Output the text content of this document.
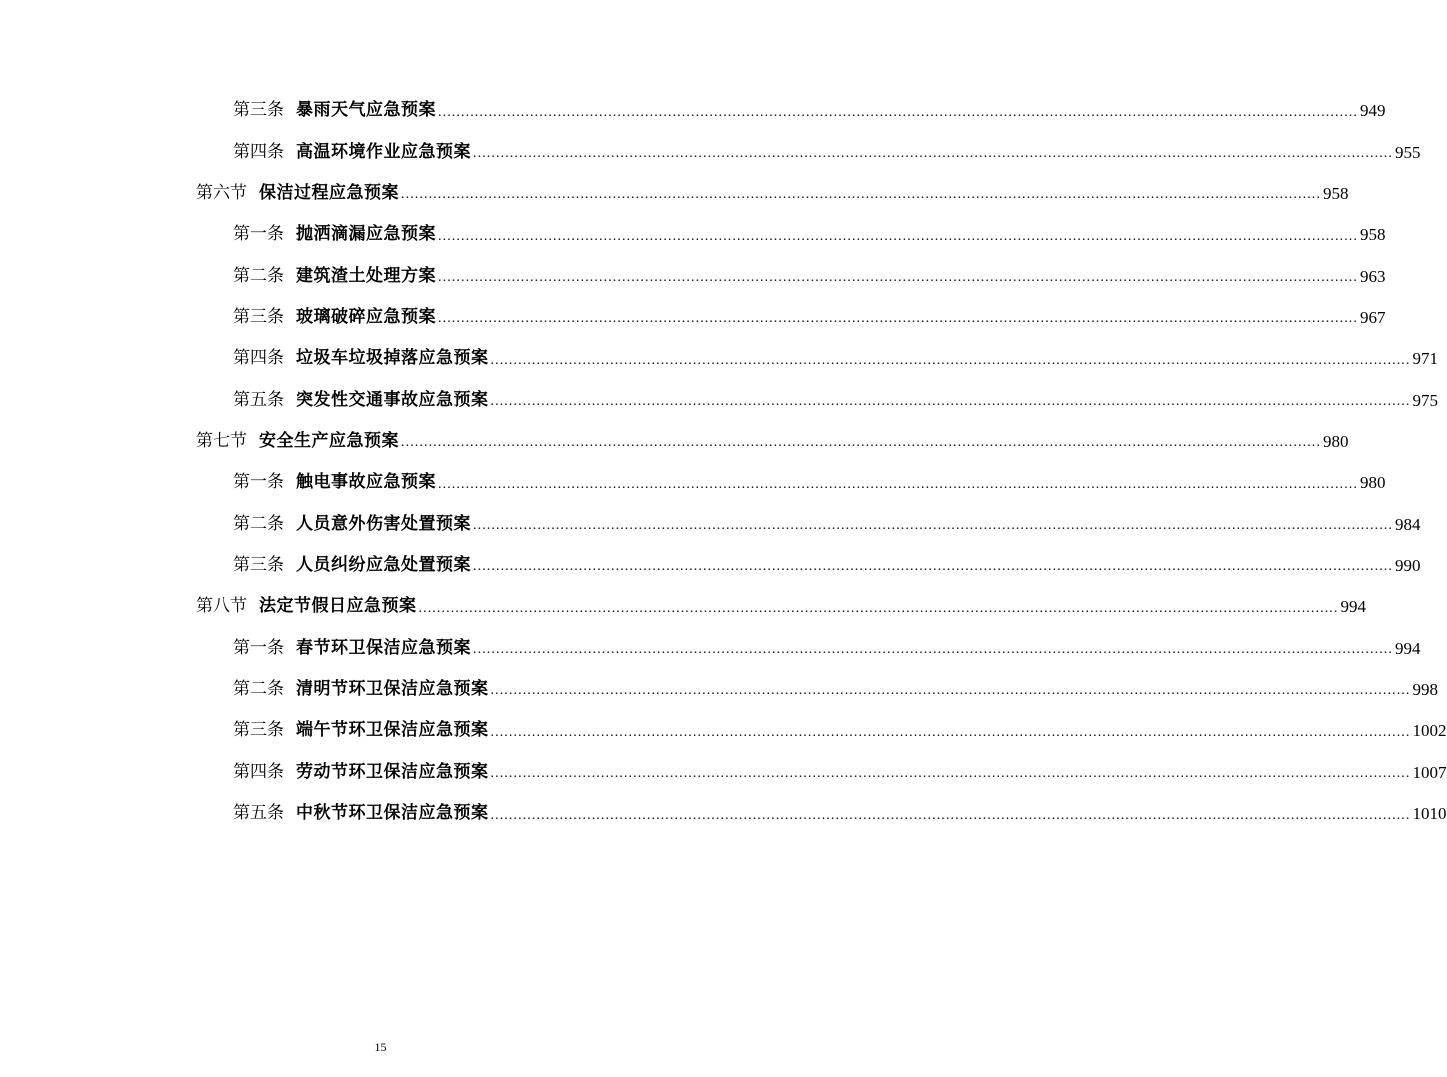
第三条 暴雨天气应急预案 ........................................................................................................................................................................................................ 949
第四条 高温环境作业应急预案 ........................................................................................................................................................................................................ 955
第六节 保洁过程应急预案 ........................................................................................................................................................................................................ 958
第一条 抛洒滴漏应急预案 ........................................................................................................................................................................................................ 958
第二条 建筑渣土处理方案 ........................................................................................................................................................................................................ 963
第三条 玻璃破碎应急预案 ........................................................................................................................................................................................................ 967
第四条 垃圾车垃圾掉落应急预案 ........................................................................................................................................................................................................ 971
第五条 突发性交通事故应急预案 ........................................................................................................................................................................................................ 975
第七节 安全生产应急预案 ........................................................................................................................................................................................................ 980
第一条 触电事故应急预案 ........................................................................................................................................................................................................ 980
第二条 人员意外伤害处置预案 ........................................................................................................................................................................................................ 984
第三条 人员纠纷应急处置预案 ........................................................................................................................................................................................................ 990
第八节 法定节假日应急预案 ........................................................................................................................................................................................................ 994
第一条 春节环卫保洁应急预案 ........................................................................................................................................................................................................ 994
第二条 清明节环卫保洁应急预案 ........................................................................................................................................................................................................ 998
第三条 端午节环卫保洁应急预案 ........................................................................................................................................................................................................ 1002
第四条 劳动节环卫保洁应急预案 ........................................................................................................................................................................................................ 1007
第五条 中秋节环卫保洁应急预案 ........................................................................................................................................................................................................ 1010
15
